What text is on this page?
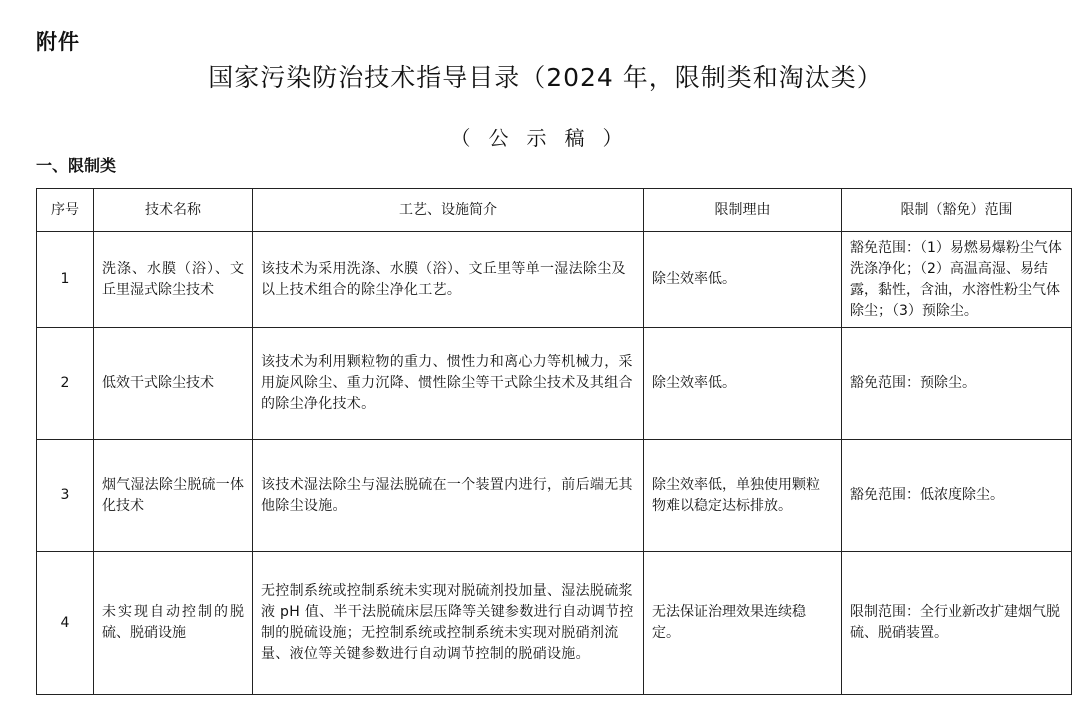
附件
国家污染防治技术指导目录（2024 年，限制类和淘汰类）
（公示稿）
一、限制类
序号	技术名称	工艺、设施简介	限制理由	限制（豁免）范围
1	洗涤、水膜（浴）、文丘里湿式除尘技术	该技术为采用洗涤、水膜（浴）、文丘里等单一湿法除尘及以上技术组合的除尘净化工艺。	除尘效率低。	豁免范围：（1）易燃易爆粉尘气体洗涤净化；（2）高温高湿、易结露，黏性，含油，水溶性粉尘气体除尘；（3）预除尘。
2	低效干式除尘技术	该技术为利用颗粒物的重力、惯性力和离心力等机械力，采用旋风除尘、重力沉降、惯性除尘等干式除尘技术及其组合的除尘净化技术。	除尘效率低。	豁免范围：预除尘。
3	烟气湿法除尘脱硫一体化技术	该技术湿法除尘与湿法脱硫在一个装置内进行，前后端无其他除尘设施。	除尘效率低，单独使用颗粒物难以稳定达标排放。	豁免范围：低浓度除尘。
4	未实现自动控制的脱硫、脱硝设施	无控制系统或控制系统未实现对脱硫剂投加量、湿法脱硫浆液 pH 值、半干法脱硫床层压降等关键参数进行自动调节控制的脱硫设施；无控制系统或控制系统未实现对脱硝剂流量、液位等关键参数进行自动调节控制的脱硝设施。	无法保证治理效果连续稳定。	限制范围：全行业新改扩建烟气脱硫、脱硝装置。
